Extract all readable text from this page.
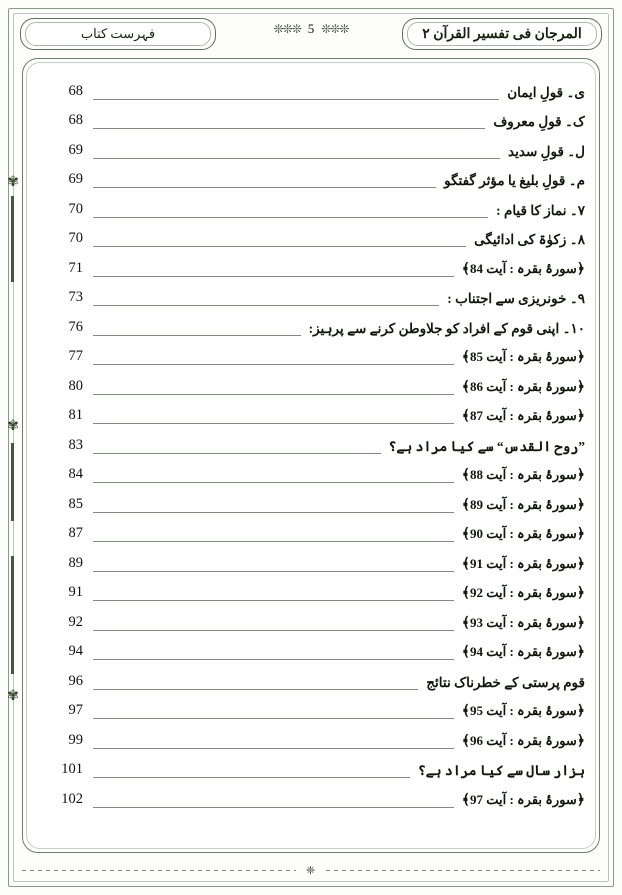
المرجان فی تفسیر القرآن ۲
❊❊❊ 5 ❊❊❊
فہرست کتاب
✾
✾
✾
68	ی۔ قولِ ایمان
68	ک۔ قولِ معروف
69	ل۔ قولِ سدید
69	م۔ قولِ بلیغ یا مؤثر گفتگو
70	۷۔ نماز کا قیام :
70	۸۔ زکوٰۃ کی ادائیگی
71	﴿سورۂ بقرہ : آیت 84﴾
73	۹۔ خونریزی سے اجتناب :
76	۱۰۔ اپنی قوم کے افراد کو جلاوطن کرنے سے پرہیز:
77	﴿سورۂ بقرہ : آیت 85﴾
80	﴿سورۂ بقرہ : آیت 86﴾
81	﴿سورۂ بقرہ : آیت 87﴾
83	”روح القدس“ سے کیا مراد ہے؟
84	﴿سورۂ بقرہ : آیت 88﴾
85	﴿سورۂ بقرہ : آیت 89﴾
87	﴿سورۂ بقرہ : آیت 90﴾
89	﴿سورۂ بقرہ : آیت 91﴾
91	﴿سورۂ بقرہ : آیت 92﴾
92	﴿سورۂ بقرہ : آیت 93﴾
94	﴿سورۂ بقرہ : آیت 94﴾
96	قوم پرستی کے خطرناک نتائج
97	﴿سورۂ بقرہ : آیت 95﴾
99	﴿سورۂ بقرہ : آیت 96﴾
101	ہزار سال سے کیا مراد ہے؟
102	﴿سورۂ بقرہ : آیت 97﴾
❈
